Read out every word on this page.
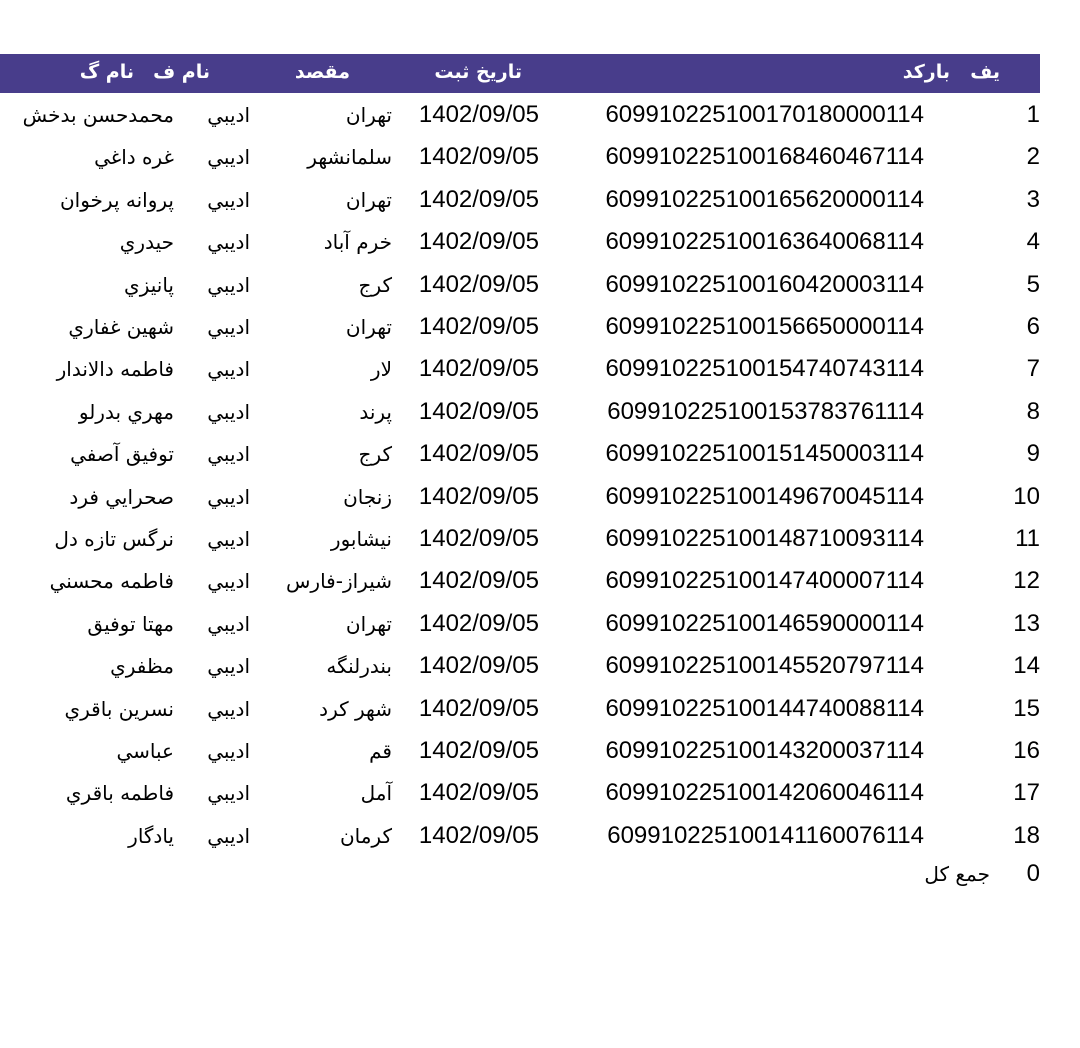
يف
بارکد
تاريخ ثبت
مقصد
نام ف
نام گ
1
609910225100170180000114
1402/09/05
تهران
اديبي
محمدحسن بدخش
2
609910225100168460467114
1402/09/05
سلمانشهر
اديبي
غره داغي
3
609910225100165620000114
1402/09/05
تهران
اديبي
پروانه پرخوان
4
609910225100163640068114
1402/09/05
خرم آباد
اديبي
حيدري
5
609910225100160420003114
1402/09/05
کرج
اديبي
پانيزي
6
609910225100156650000114
1402/09/05
تهران
اديبي
شهين غفاري
7
609910225100154740743114
1402/09/05
لار
اديبي
فاطمه دالاندار
8
609910225100153783761114
1402/09/05
پرند
اديبي
مهري بدرلو
9
609910225100151450003114
1402/09/05
کرج
اديبي
توفيق آصفي
10
609910225100149670045114
1402/09/05
زنجان
اديبي
صحرايي فرد
11
609910225100148710093114
1402/09/05
نيشابور
اديبي
نرگس تازه دل
12
609910225100147400007114
1402/09/05
شيراز-فارس
اديبي
فاطمه محسني
13
609910225100146590000114
1402/09/05
تهران
اديبي
مهتا توفيق
14
609910225100145520797114
1402/09/05
بندرلنگه
اديبي
مظفري
15
609910225100144740088114
1402/09/05
شهر کرد
اديبي
نسرين باقري
16
609910225100143200037114
1402/09/05
قم
اديبي
عباسي
17
609910225100142060046114
1402/09/05
آمل
اديبي
فاطمه باقري
18
609910225100141160076114
1402/09/05
کرمان
اديبي
يادگار
0
جمع کل
